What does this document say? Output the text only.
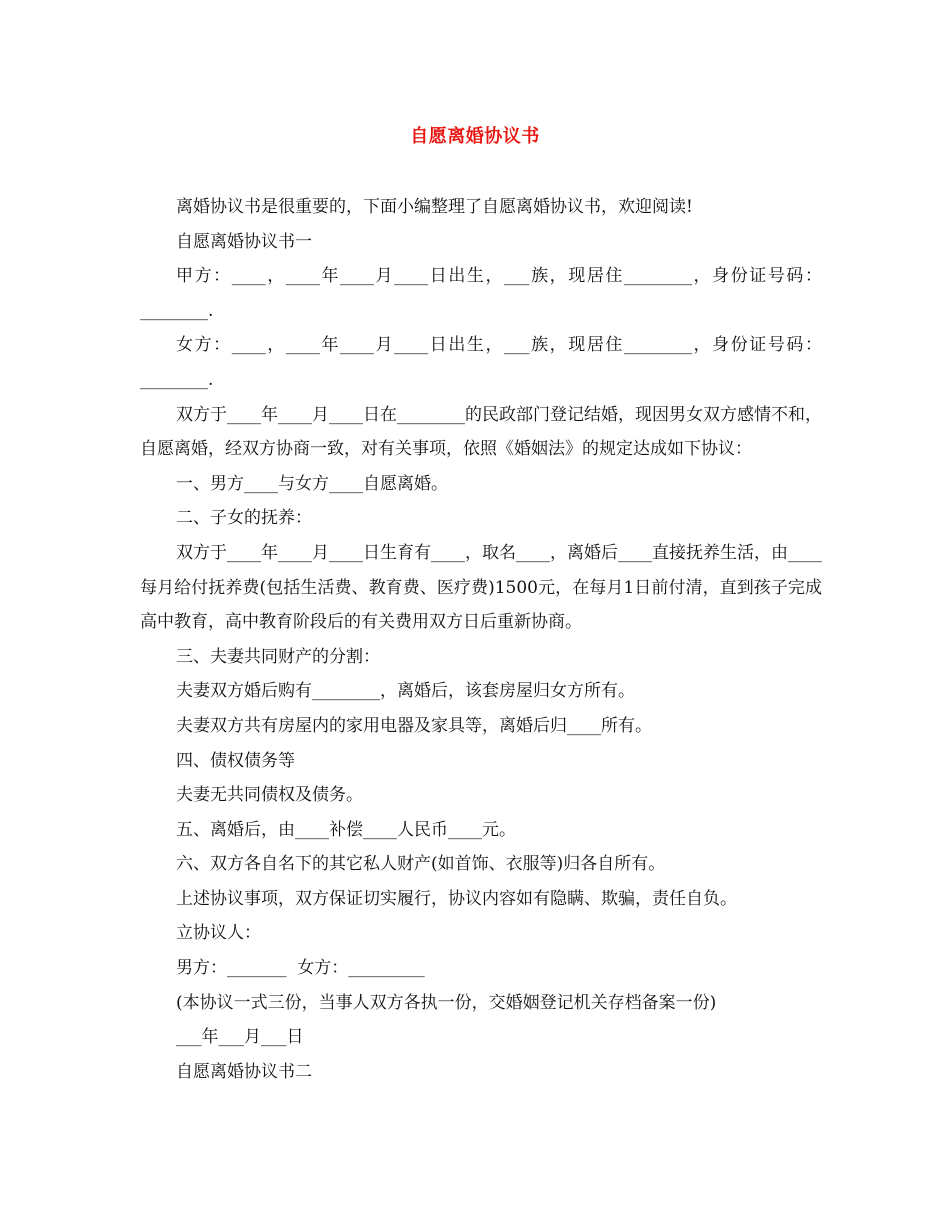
自愿离婚协议书

离婚协议书是很重要的，下面小编整理了自愿离婚协议书，欢迎阅读!

自愿离婚协议书一

甲方：____，____年____月____日出生，___族，现居住________，身份证号码：________.

女方：____，____年____月____日出生，___族，现居住________，身份证号码：________.

双方于____年____月____日在________的民政部门登记结婚，现因男女双方感情不和，自愿离婚，经双方协商一致，对有关事项，依照《婚姻法》的规定达成如下协议：

一、男方____与女方____自愿离婚。

二、子女的抚养：

双方于____年____月____日生育有____，取名____，离婚后____直接抚养生活，由____每月给付抚养费(包括生活费、教育费、医疗费)1500元，在每月1日前付清，直到孩子完成高中教育，高中教育阶段后的有关费用双方日后重新协商。

三、夫妻共同财产的分割：

夫妻双方婚后购有________，离婚后，该套房屋归女方所有。

夫妻双方共有房屋内的家用电器及家具等，离婚后归____所有。

四、债权债务等

夫妻无共同债权及债务。

五、离婚后，由____补偿____人民币____元。

六、双方各自名下的其它私人财产(如首饰、衣服等)归各自所有。

上述协议事项，双方保证切实履行，协议内容如有隐瞒、欺骗，责任自负。

立协议人：

男方：_______  女方：_________

(本协议一式三份，当事人双方各执一份，交婚姻登记机关存档备案一份)

___年___月___日

自愿离婚协议书二
